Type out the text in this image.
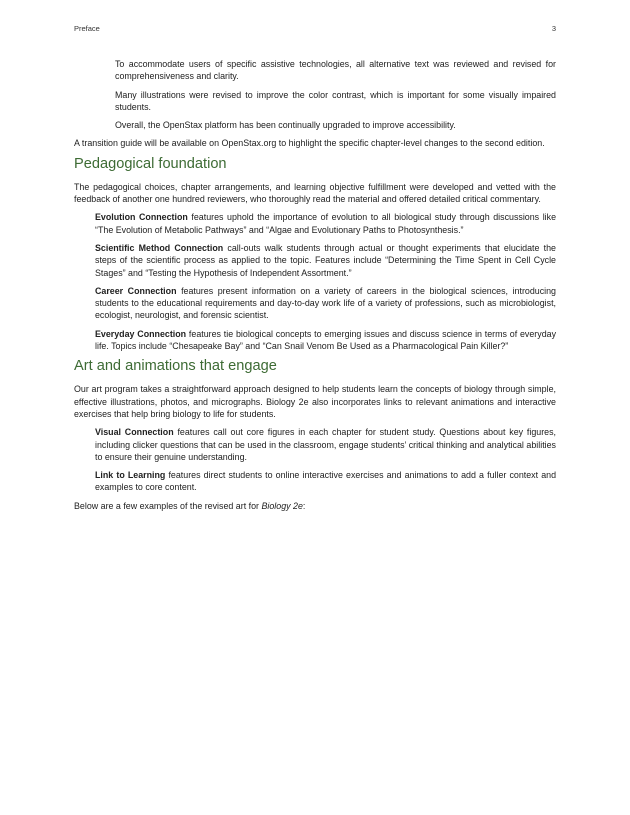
Preface	3

To accommodate users of specific assistive technologies, all alternative text was reviewed and revised for comprehensiveness and clarity.

Many illustrations were revised to improve the color contrast, which is important for some visually impaired students.

Overall, the OpenStax platform has been continually upgraded to improve accessibility.

A transition guide will be available on OpenStax.org to highlight the specific chapter-level changes to the second edition.

Pedagogical foundation

The pedagogical choices, chapter arrangements, and learning objective fulfillment were developed and vetted with the feedback of another one hundred reviewers, who thoroughly read the material and offered detailed critical commentary.

Evolution Connection features uphold the importance of evolution to all biological study through discussions like “The Evolution of Metabolic Pathways” and “Algae and Evolutionary Paths to Photosynthesis.”

Scientific Method Connection call-outs walk students through actual or thought experiments that elucidate the steps of the scientific process as applied to the topic. Features include “Determining the Time Spent in Cell Cycle Stages” and “Testing the Hypothesis of Independent Assortment.”

Career Connection features present information on a variety of careers in the biological sciences, introducing students to the educational requirements and day-to-day work life of a variety of professions, such as microbiologist, ecologist, neurologist, and forensic scientist.

Everyday Connection features tie biological concepts to emerging issues and discuss science in terms of everyday life. Topics include “Chesapeake Bay” and “Can Snail Venom Be Used as a Pharmacological Pain Killer?”

Art and animations that engage

Our art program takes a straightforward approach designed to help students learn the concepts of biology through simple, effective illustrations, photos, and micrographs. Biology 2e also incorporates links to relevant animations and interactive exercises that help bring biology to life for students.

Visual Connection features call out core figures in each chapter for student study. Questions about key figures, including clicker questions that can be used in the classroom, engage students’ critical thinking and analytical abilities to ensure their genuine understanding.

Link to Learning features direct students to online interactive exercises and animations to add a fuller context and examples to core content.

Below are a few examples of the revised art for Biology 2e:
